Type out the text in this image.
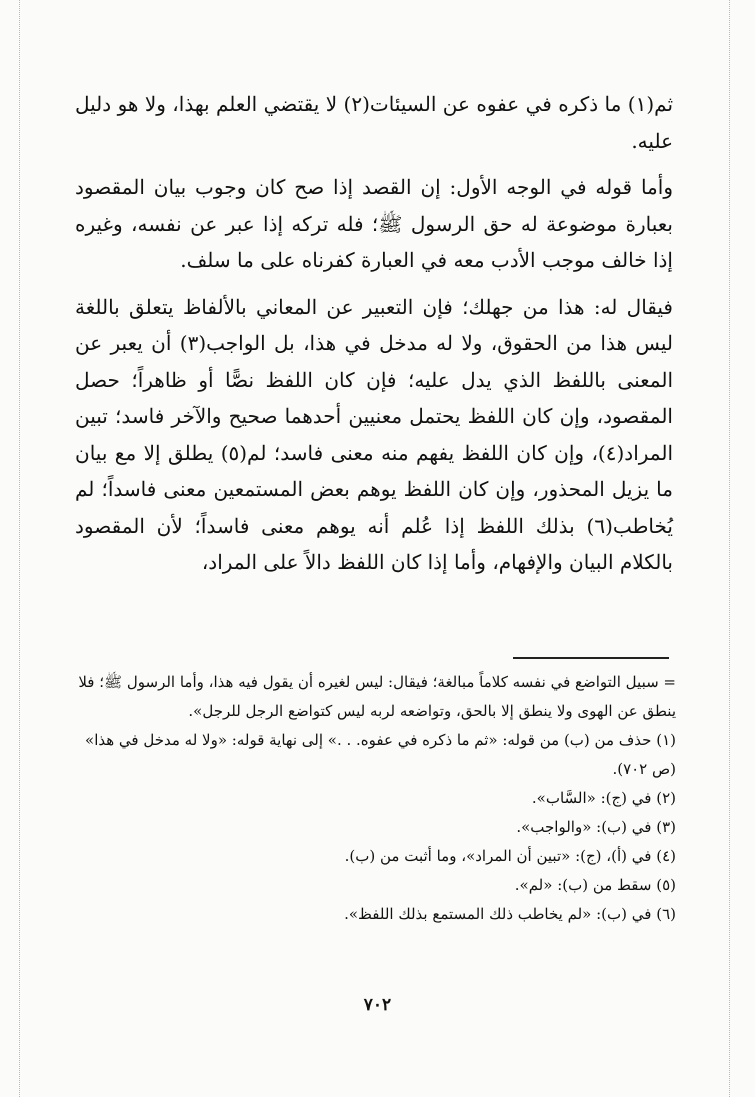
ثم(١) ما ذكره في عفوه عن السيئات(٢) لا يقتضي العلم بهذا، ولا هو دليل عليه.

وأما قوله في الوجه الأول: إن القصد إذا صح كان وجوب بيان المقصود بعبارة موضوعة له حق الرسول ﷺ؛ فله تركه إذا عبر عن نفسه، وغيره إذا خالف موجب الأدب معه في العبارة كفرناه على ما سلف.

فيقال له: هذا من جهلك؛ فإن التعبير عن المعاني بالألفاظ يتعلق باللغة ليس هذا من الحقوق، ولا له مدخل في هذا، بل الواجب(٣) أن يعبر عن المعنى باللفظ الذي يدل عليه؛ فإن كان اللفظ نصًّا أو ظاهراً؛ حصل المقصود، وإن كان اللفظ يحتمل معنيين أحدهما صحيح والآخر فاسد؛ تبين المراد(٤)، وإن كان اللفظ يفهم منه معنى فاسد؛ لم(٥) يطلق إلا مع بيان ما يزيل المحذور، وإن كان اللفظ يوهم بعض المستمعين معنى فاسداً؛ لم يُخاطب(٦) بذلك اللفظ إذا عُلم أنه يوهم معنى فاسداً؛ لأن المقصود بالكلام البيان والإفهام، وأما إذا كان اللفظ دالاً على المراد،

= سبيل التواضع في نفسه كلاماً مبالغة؛ فيقال: ليس لغيره أن يقول فيه هذا، وأما الرسول ﷺ؛ فلا ينطق عن الهوى ولا ينطق إلا بالحق، وتواضعه لربه ليس كتواضع الرجل للرجل».

(١) حذف من (ب) من قوله: «ثم ما ذكره في عفوه. . .» إلى نهاية قوله: «ولا له مدخل في هذا» (ص ٧٠٢).

(٢) في (ج): «السَّاب».

(٣) في (ب): «والواجب».

(٤) في (أ)، (ج): «تبين أن المراد»، وما أثبت من (ب).

(٥) سقط من (ب): «لم».

(٦) في (ب): «لم يخاطب ذلك المستمع بذلك اللفظ».

٧٠٢
